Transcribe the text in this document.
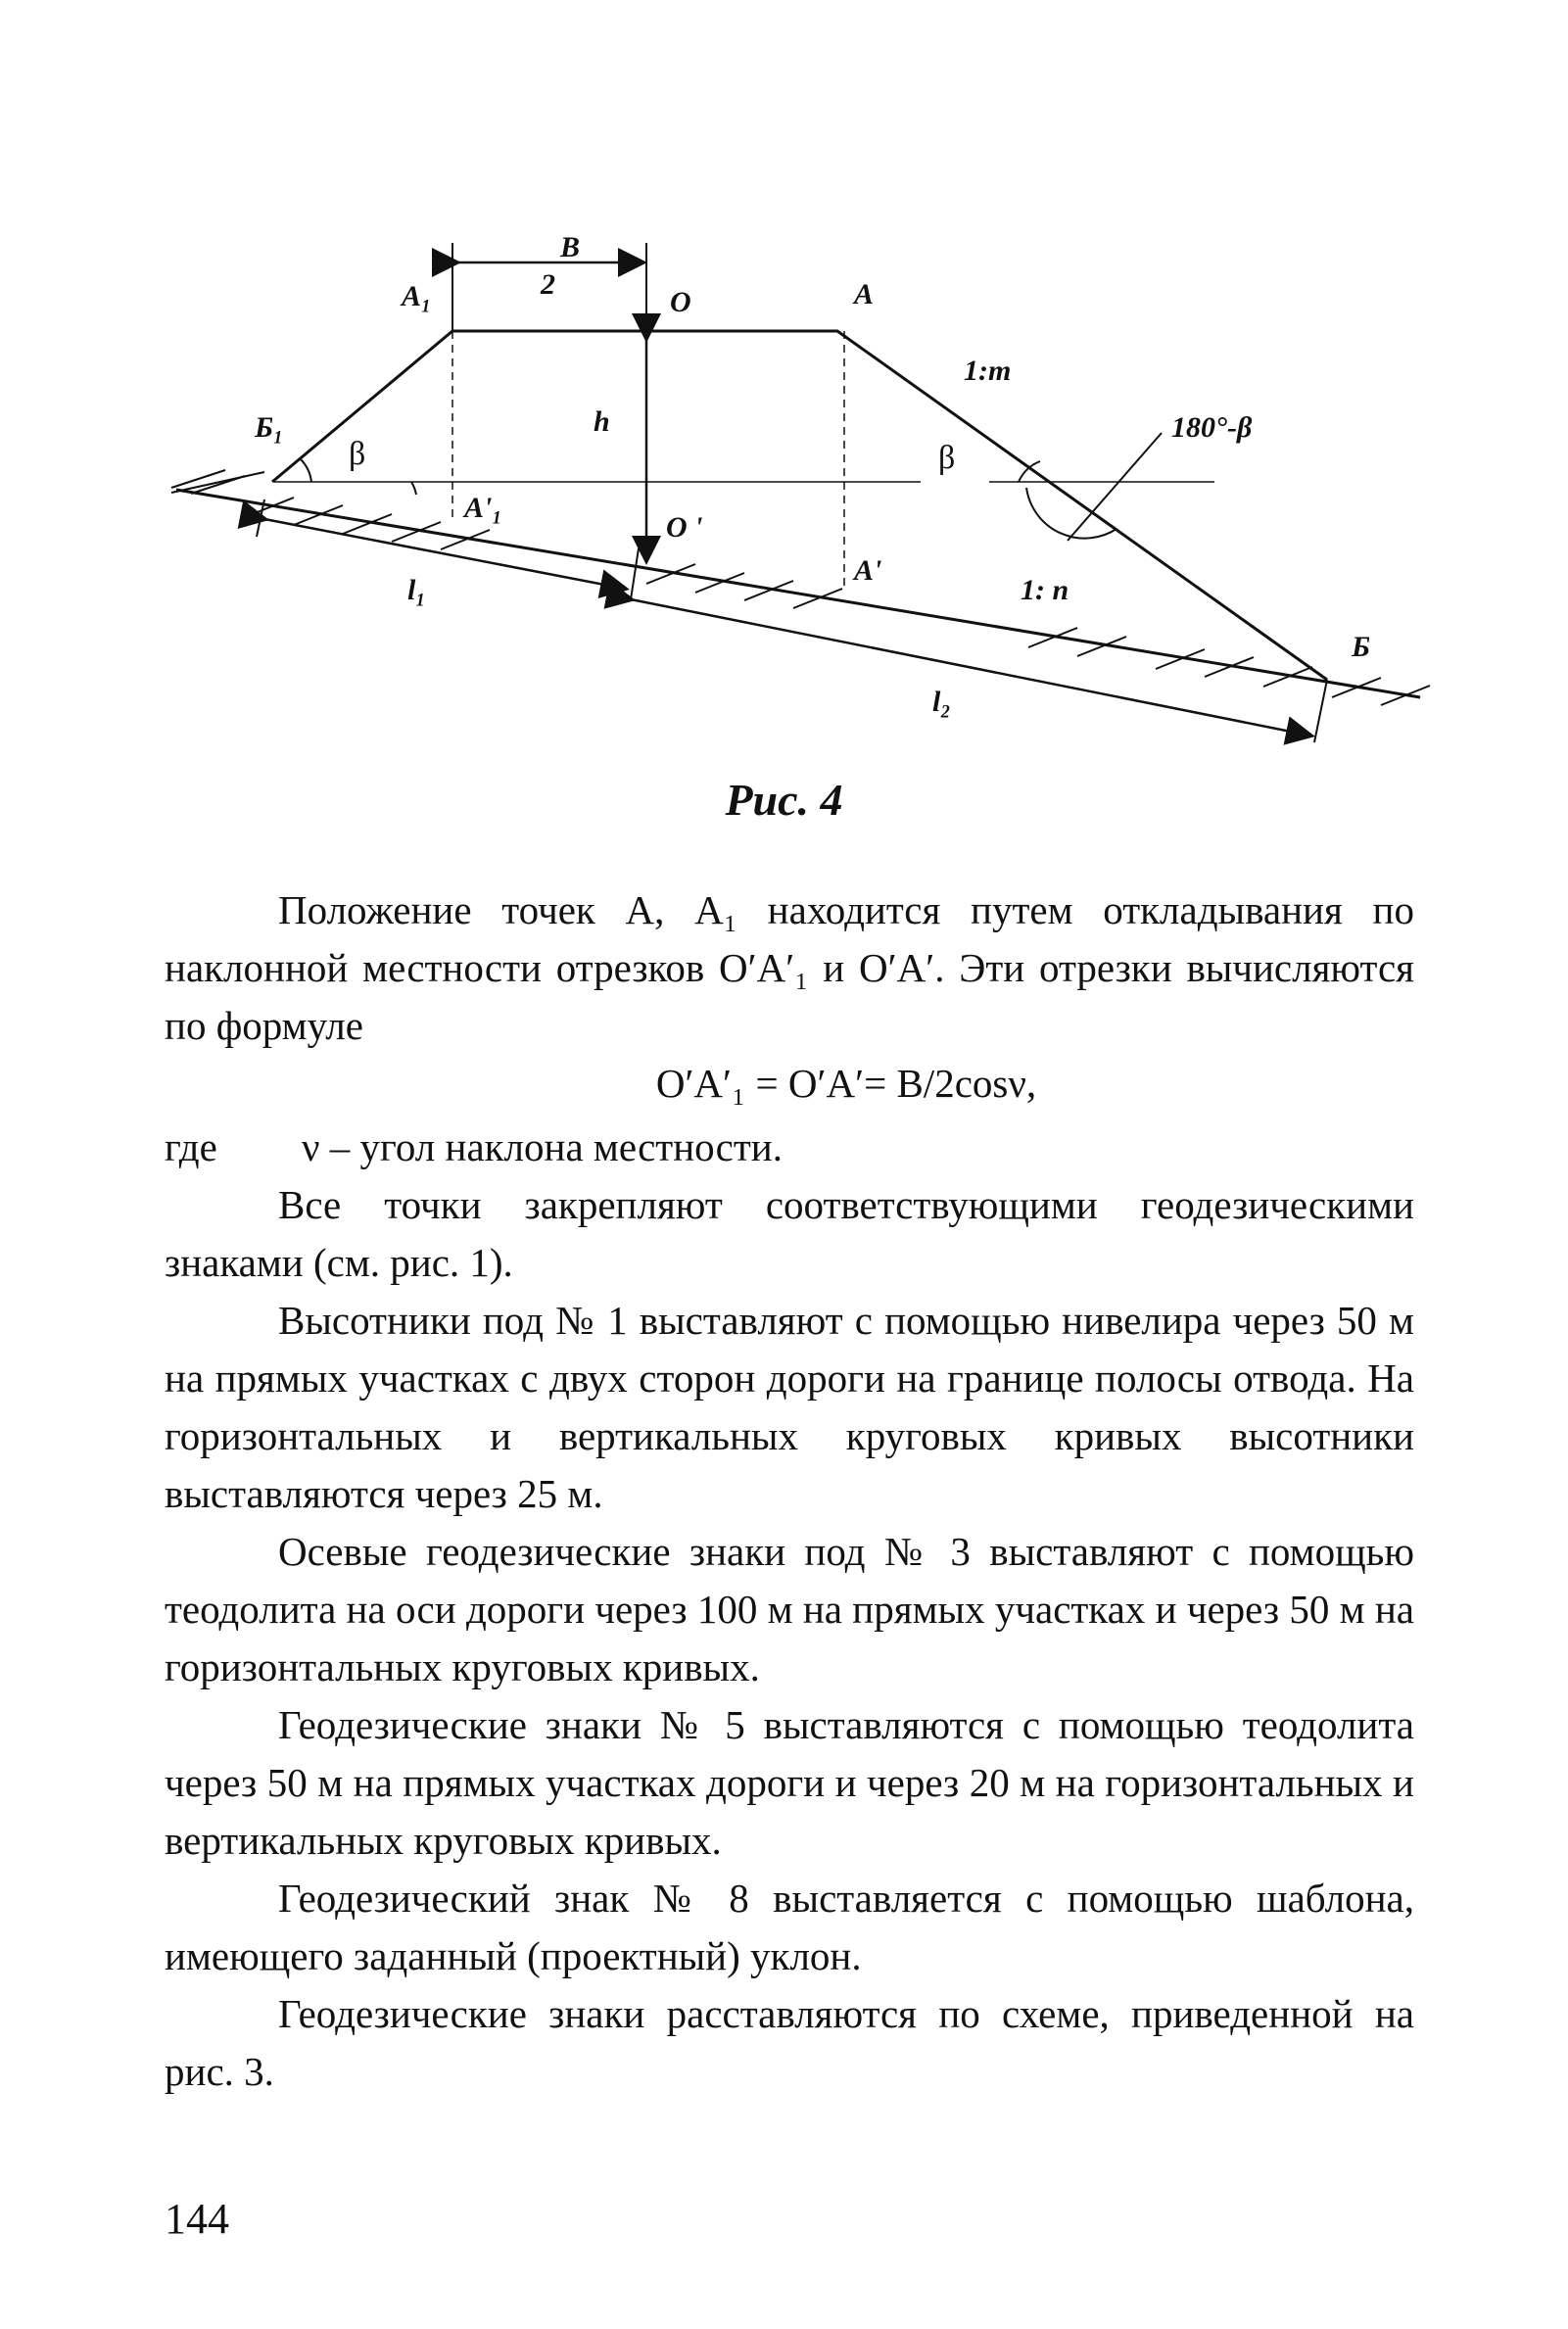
B
2
A₁	O	A
1:m
Б₁
β
h
β
180°-β
A'₁
O '
A'
l₁	1: n
Б
l₂
Рис. 4

Положение точек А, А₁ находится путем откладывания по наклонной местности отрезков О′А′₁ и О′А′. Эти отрезки вычисляются по формуле

О′А′₁ = О′А′= В/2cosν,

где	ν – угол наклона местности.

Все точки закрепляют соответствующими геодезическими знаками (см. рис. 1).

Высотники под № 1 выставляют с помощью нивелира через 50 м на прямых участках с двух сторон дороги на границе полосы отвода. На горизонтальных и вертикальных круговых кривых высотники выставляются через 25 м.

Осевые геодезические знаки под № 3 выставляют с помощью теодолита на оси дороги через 100 м на прямых участках и через 50 м на горизонтальных круговых кривых.

Геодезические знаки № 5 выставляются с помощью теодолита через 50 м на прямых участках дороги и через 20 м на горизонтальных и вертикальных круговых кривых.

Геодезический знак № 8 выставляется с помощью шаблона, имеющего заданный (проектный) уклон.

Геодезические знаки расставляются по схеме, приведенной на рис. 3.

144
